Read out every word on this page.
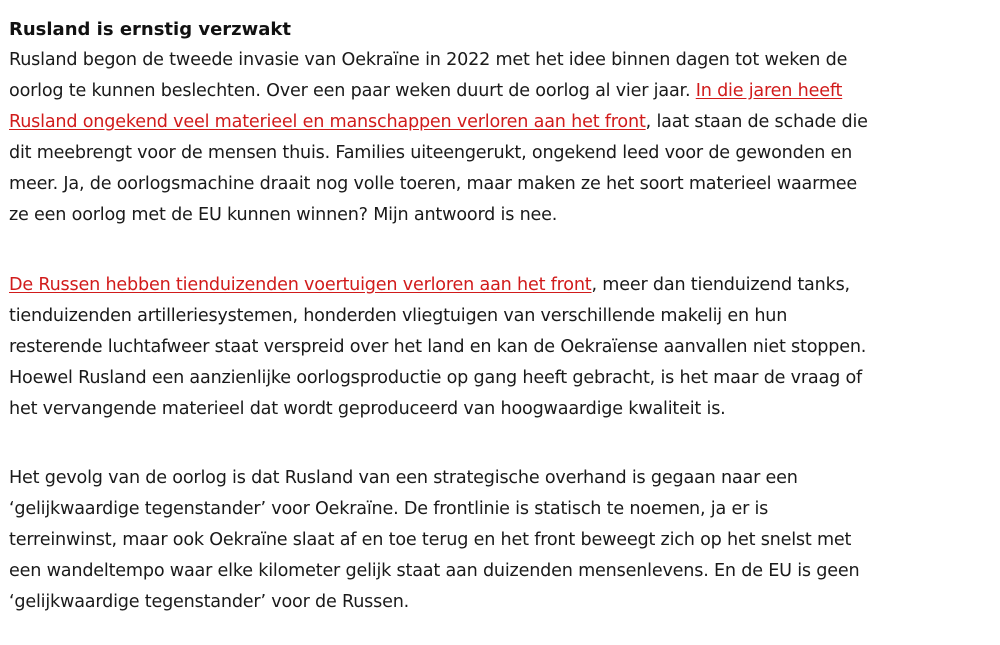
Rusland is ernstig verzwakt

Rusland begon de tweede invasie van Oekraïne in 2022 met het idee binnen dagen tot weken de
oorlog te kunnen beslechten. Over een paar weken duurt de oorlog al vier jaar. In die jaren heeft
Rusland ongekend veel materieel en manschappen verloren aan het front, laat staan de schade die
dit meebrengt voor de mensen thuis. Families uiteengerukt, ongekend leed voor de gewonden en
meer. Ja, de oorlogsmachine draait nog volle toeren, maar maken ze het soort materieel waarmee
ze een oorlog met de EU kunnen winnen? Mijn antwoord is nee.

De Russen hebben tienduizenden voertuigen verloren aan het front, meer dan tienduizend tanks,
tienduizenden artilleriesystemen, honderden vliegtuigen van verschillende makelij en hun
resterende luchtafweer staat verspreid over het land en kan de Oekraïense aanvallen niet stoppen.
Hoewel Rusland een aanzienlijke oorlogsproductie op gang heeft gebracht, is het maar de vraag of
het vervangende materieel dat wordt geproduceerd van hoogwaardige kwaliteit is.

Het gevolg van de oorlog is dat Rusland van een strategische overhand is gegaan naar een
‘gelijkwaardige tegenstander’ voor Oekraïne. De frontlinie is statisch te noemen, ja er is
terreinwinst, maar ook Oekraïne slaat af en toe terug en het front beweegt zich op het snelst met
een wandeltempo waar elke kilometer gelijk staat aan duizenden mensenlevens. En de EU is geen
‘gelijkwaardige tegenstander’ voor de Russen.
